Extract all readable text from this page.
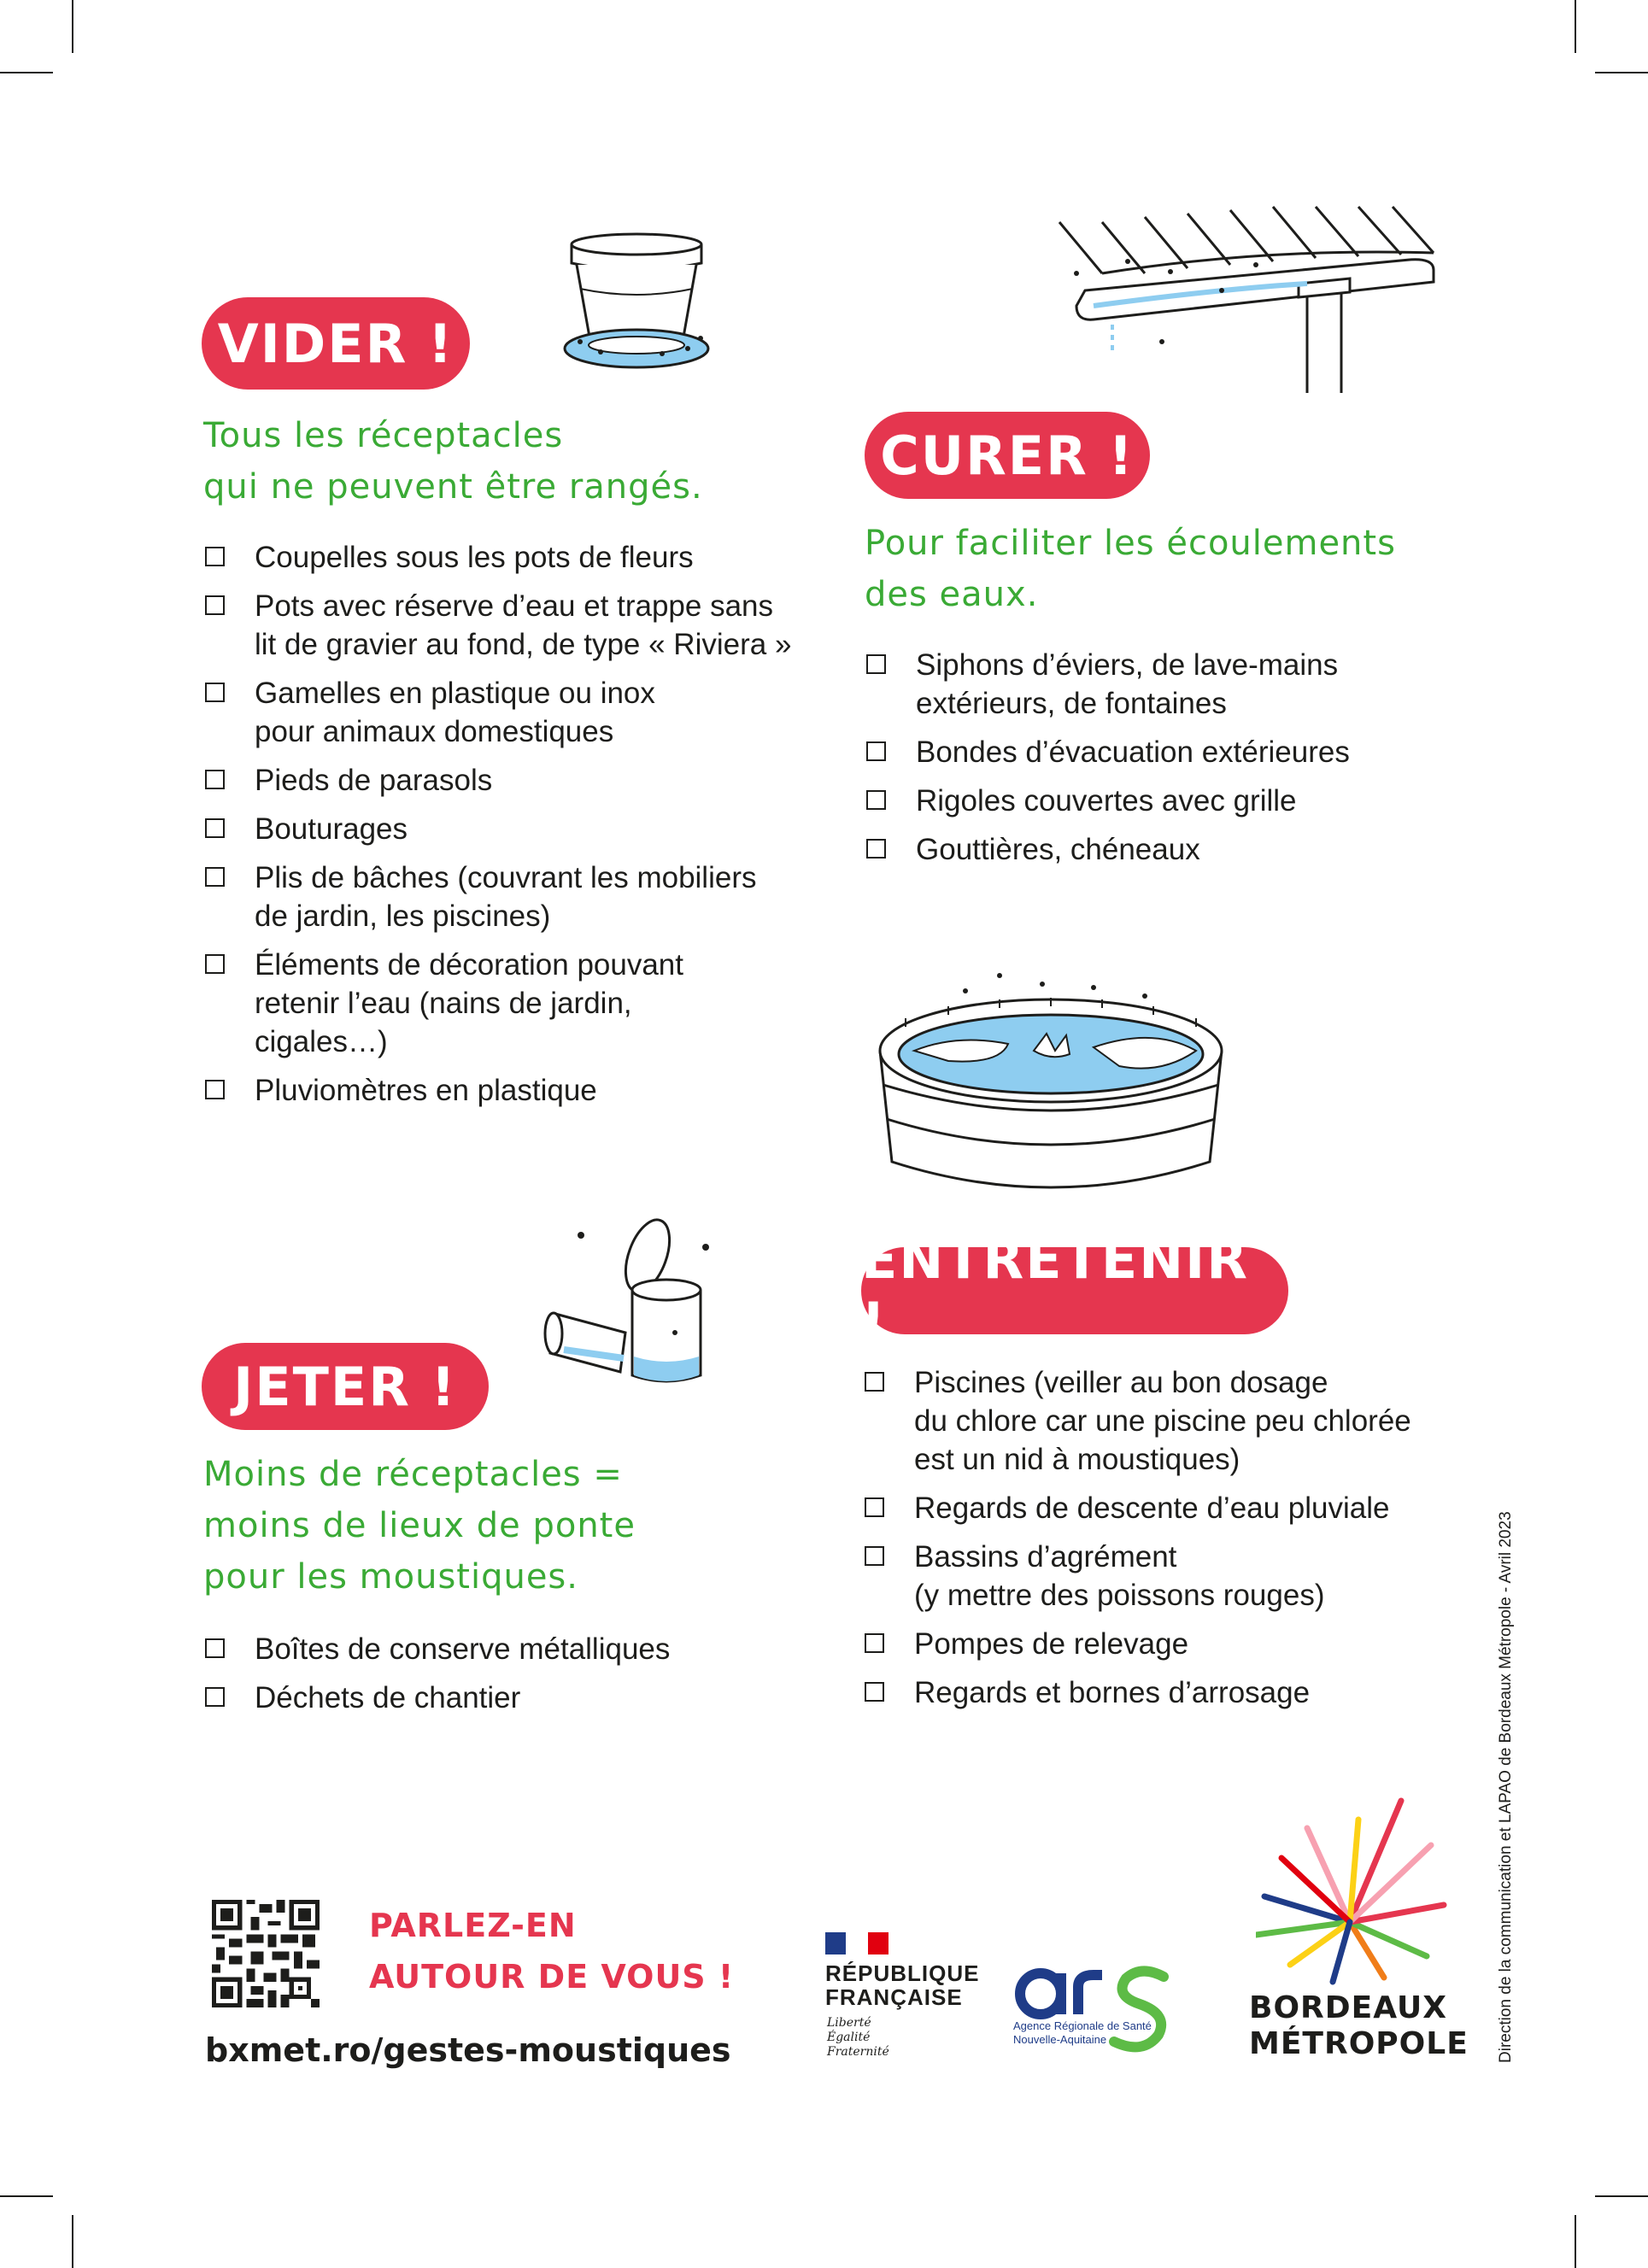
VIDER !
Tous les réceptacles
qui ne peuvent être rangés.
Coupelles sous les pots de fleurs
Pots avec réserve d’eau et trappe sans
lit de gravier au fond, de type « Riviera »
Gamelles en plastique ou inox
pour animaux domestiques
Pieds de parasols
Bouturages
Plis de bâches (couvrant les mobiliers
de jardin, les piscines)
Éléments de décoration pouvant
retenir l’eau (nains de jardin,
cigales…)
Pluviomètres en plastique
CURER !
Pour faciliter les écoulements
des eaux.
Siphons d’éviers, de lave-mains
extérieurs, de fontaines
Bondes d’évacuation extérieures
Rigoles couvertes avec grille
Gouttières, chéneaux
JETER !
Moins de réceptacles =
moins de lieux de ponte
pour les moustiques.
Boîtes de conserve métalliques
Déchets de chantier
ENTRETENIR !
Piscines (veiller au bon dosage
du chlore car une piscine peu chlorée
est un nid à moustiques)
Regards de descente d’eau pluviale
Bassins d’agrément
(y mettre des poissons rouges)
Pompes de relevage
Regards et bornes d’arrosage
PARLEZ-EN
AUTOUR DE VOUS !
bxmet.ro/gestes-moustiques
RÉPUBLIQUE
FRANÇAISE
Liberté
Égalité
Fraternité
Agence Régionale de Santé
Nouvelle-Aquitaine
BORDEAUX
MÉTROPOLE Direction de la communication et LAPAO de Bordeaux Métropole - Avril 2023
